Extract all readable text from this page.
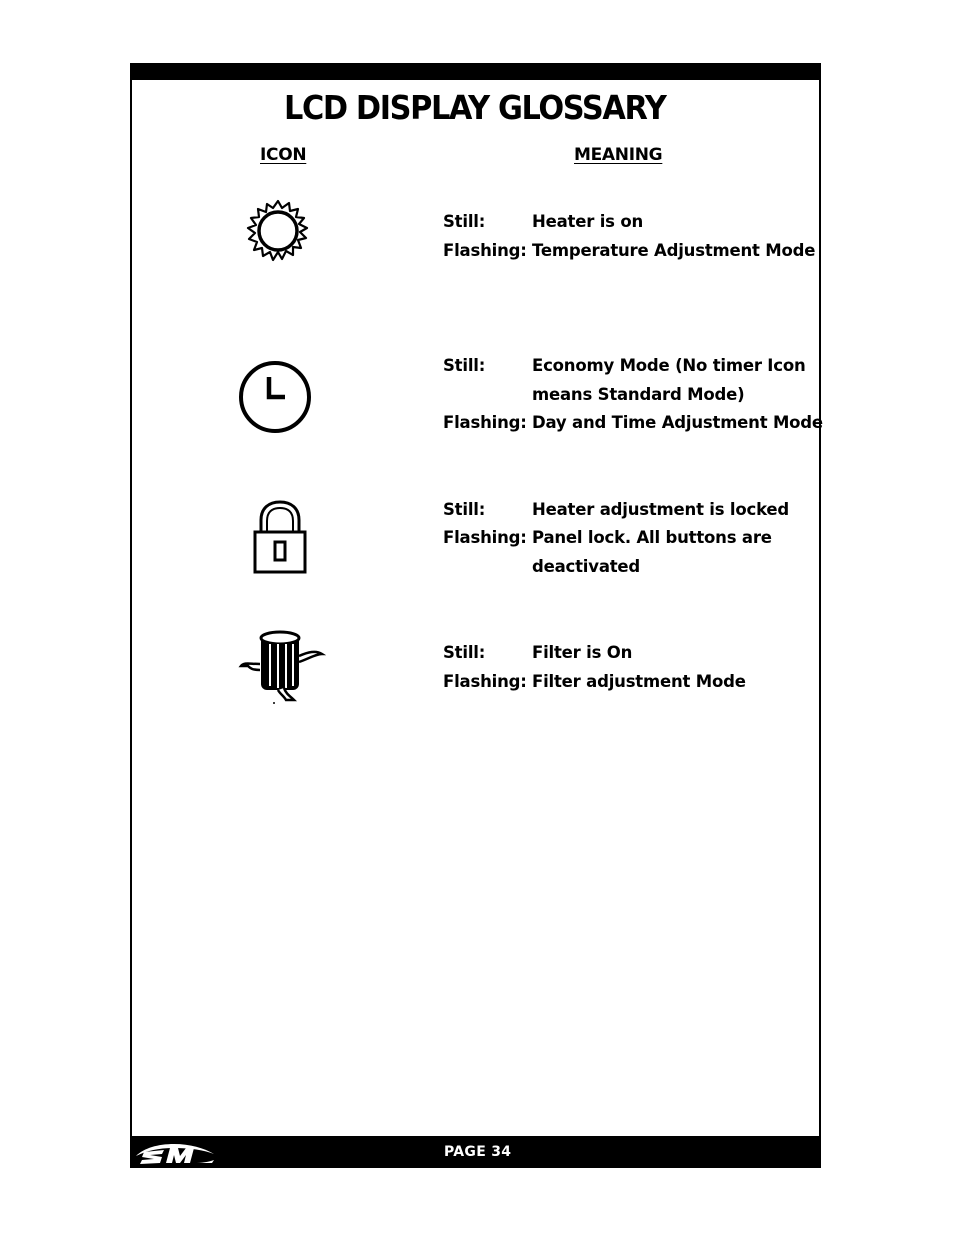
LCD DISPLAY GLOSSARY
ICON	MEANING
Still:	Heater is on
Flashing: Temperature Adjustment Mode
Still:	Economy Mode (No timer Icon
means Standard Mode)
Flashing: Day and Time Adjustment Mode
Still:	Heater adjustment is locked
Flashing: Panel lock. All buttons are
deactivated
Still:	Filter is On
Flashing: Filter adjustment Mode
PAGE 34
